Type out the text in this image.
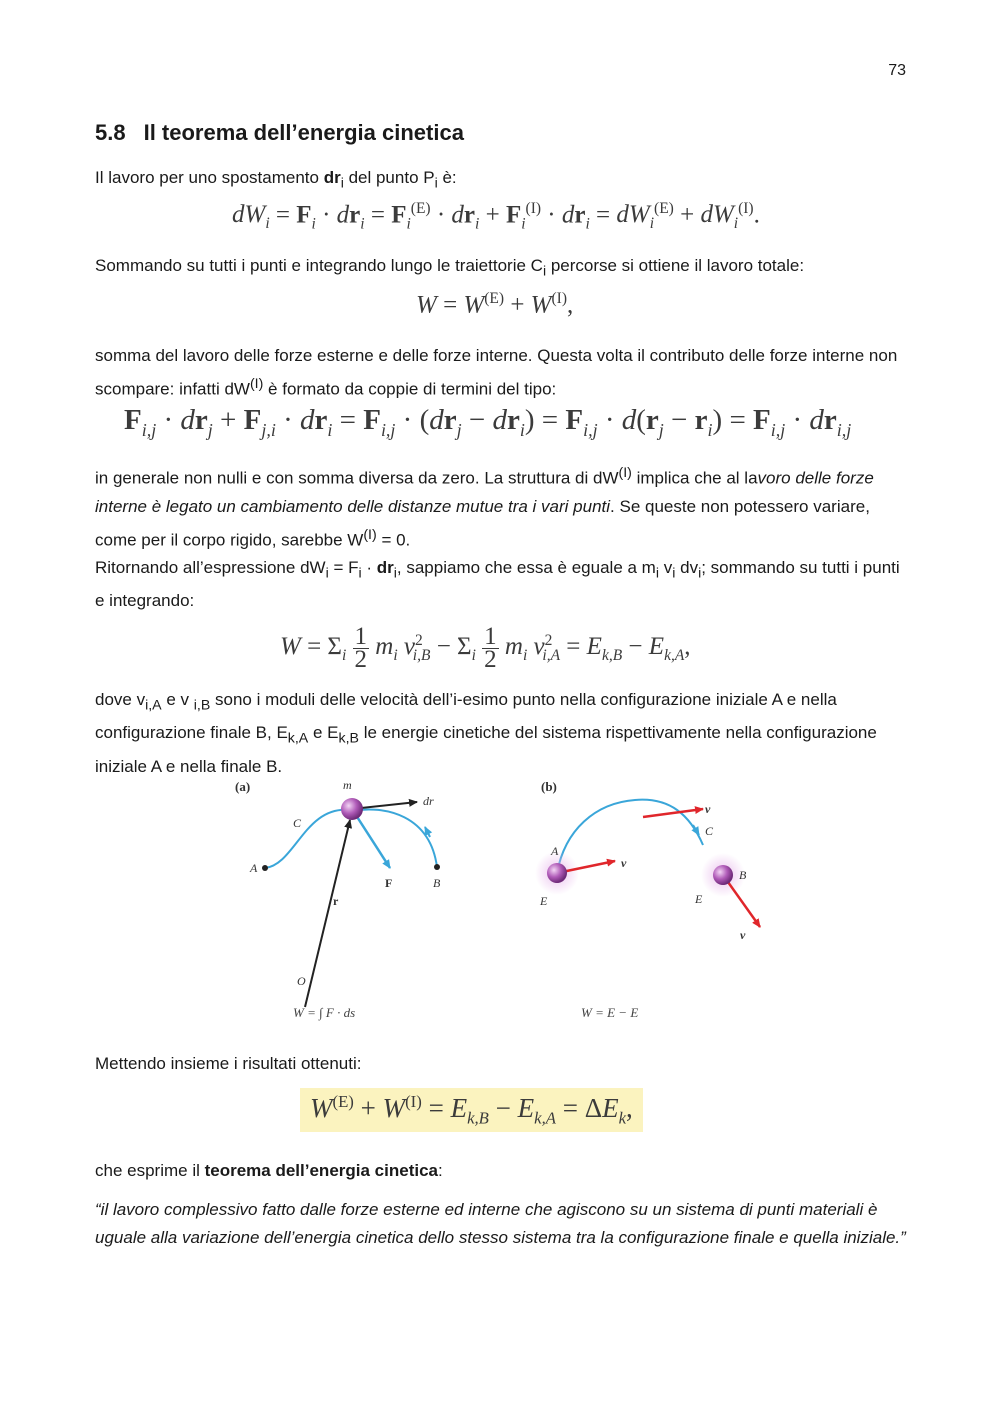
73
5.8 Il teorema dell’energia cinetica
Il lavoro per uno spostamento $dr_i$ del punto $P_i$ è:
$dW_i = F_i \cdot dr_i = F_i^{(E)} \cdot dr_i + F_i^{(I)} \cdot dr_i = dW_i^{(E)} + dW_i^{(I)}$.
Sommando su tutti i punti e integrando lungo le traiettorie $C_i$ percorse si ottiene il lavoro totale:
$W = W^{(E)} + W^{(I)}$,
somma del lavoro delle forze esterne e delle forze interne. Questa volta il contributo delle forze interne non scompare: infatti $dW^{(I)}$ è formato da coppie di termini del tipo:
$F_{i,j} \cdot dr_j + F_{j,i} \cdot dr_i = F_{i,j} \cdot (dr_j - dr_i) = F_{i,j} \cdot d(r_j - r_i) = F_{i,j} \cdot dr_{i,j}$
in generale non nulli e con somma diversa da zero. La struttura di $dW^{(I)}$ implica che al lavoro delle forze interne è legato un cambiamento delle distanze mutue tra i vari punti. Se queste non potessero variare, come per il corpo rigido, sarebbe $W^{(I)} = 0$.
Ritornando all’espressione $dW_i = F_i \cdot dr_i$, sappiamo che essa è eguale a $m_i$ $v_i$ $dv_i$; sommando su tutti i punti e integrando:
$W = \Sigma_i \frac{1}{2} m_i$ $v^2_{i,B} - \Sigma_i \frac{1}{2} m_i$ $v^2_{i,A} = E_{k,B} - E_{k,A}$,
dove $v_{i,A}$ e v $_{i,B}$ sono i moduli delle velocità dell’i-esimo punto nella configurazione iniziale A e nella configurazione finale B, $E_{k,A}$ e $E_{k,B}$ le energie cinetiche del sistema rispettivamente nella configurazione iniziale A e nella finale B.
(a)	m
dr
C
A
B
F
r
O
W = ∫ F · ds
(b)
A
B
C
v
v
v
E	E
W = E − E
Mettendo insieme i risultati ottenuti:
$W^{(E)} + W^{(I)} = E_{k,B} - E_{k,A} = \Delta E_k$,
che esprime il teorema dell’energia cinetica:
“il lavoro complessivo fatto dalle forze esterne ed interne che agiscono su un sistema di punti materiali è uguale alla variazione dell’energia cinetica dello stesso sistema tra la configurazione finale e quella iniziale.”
